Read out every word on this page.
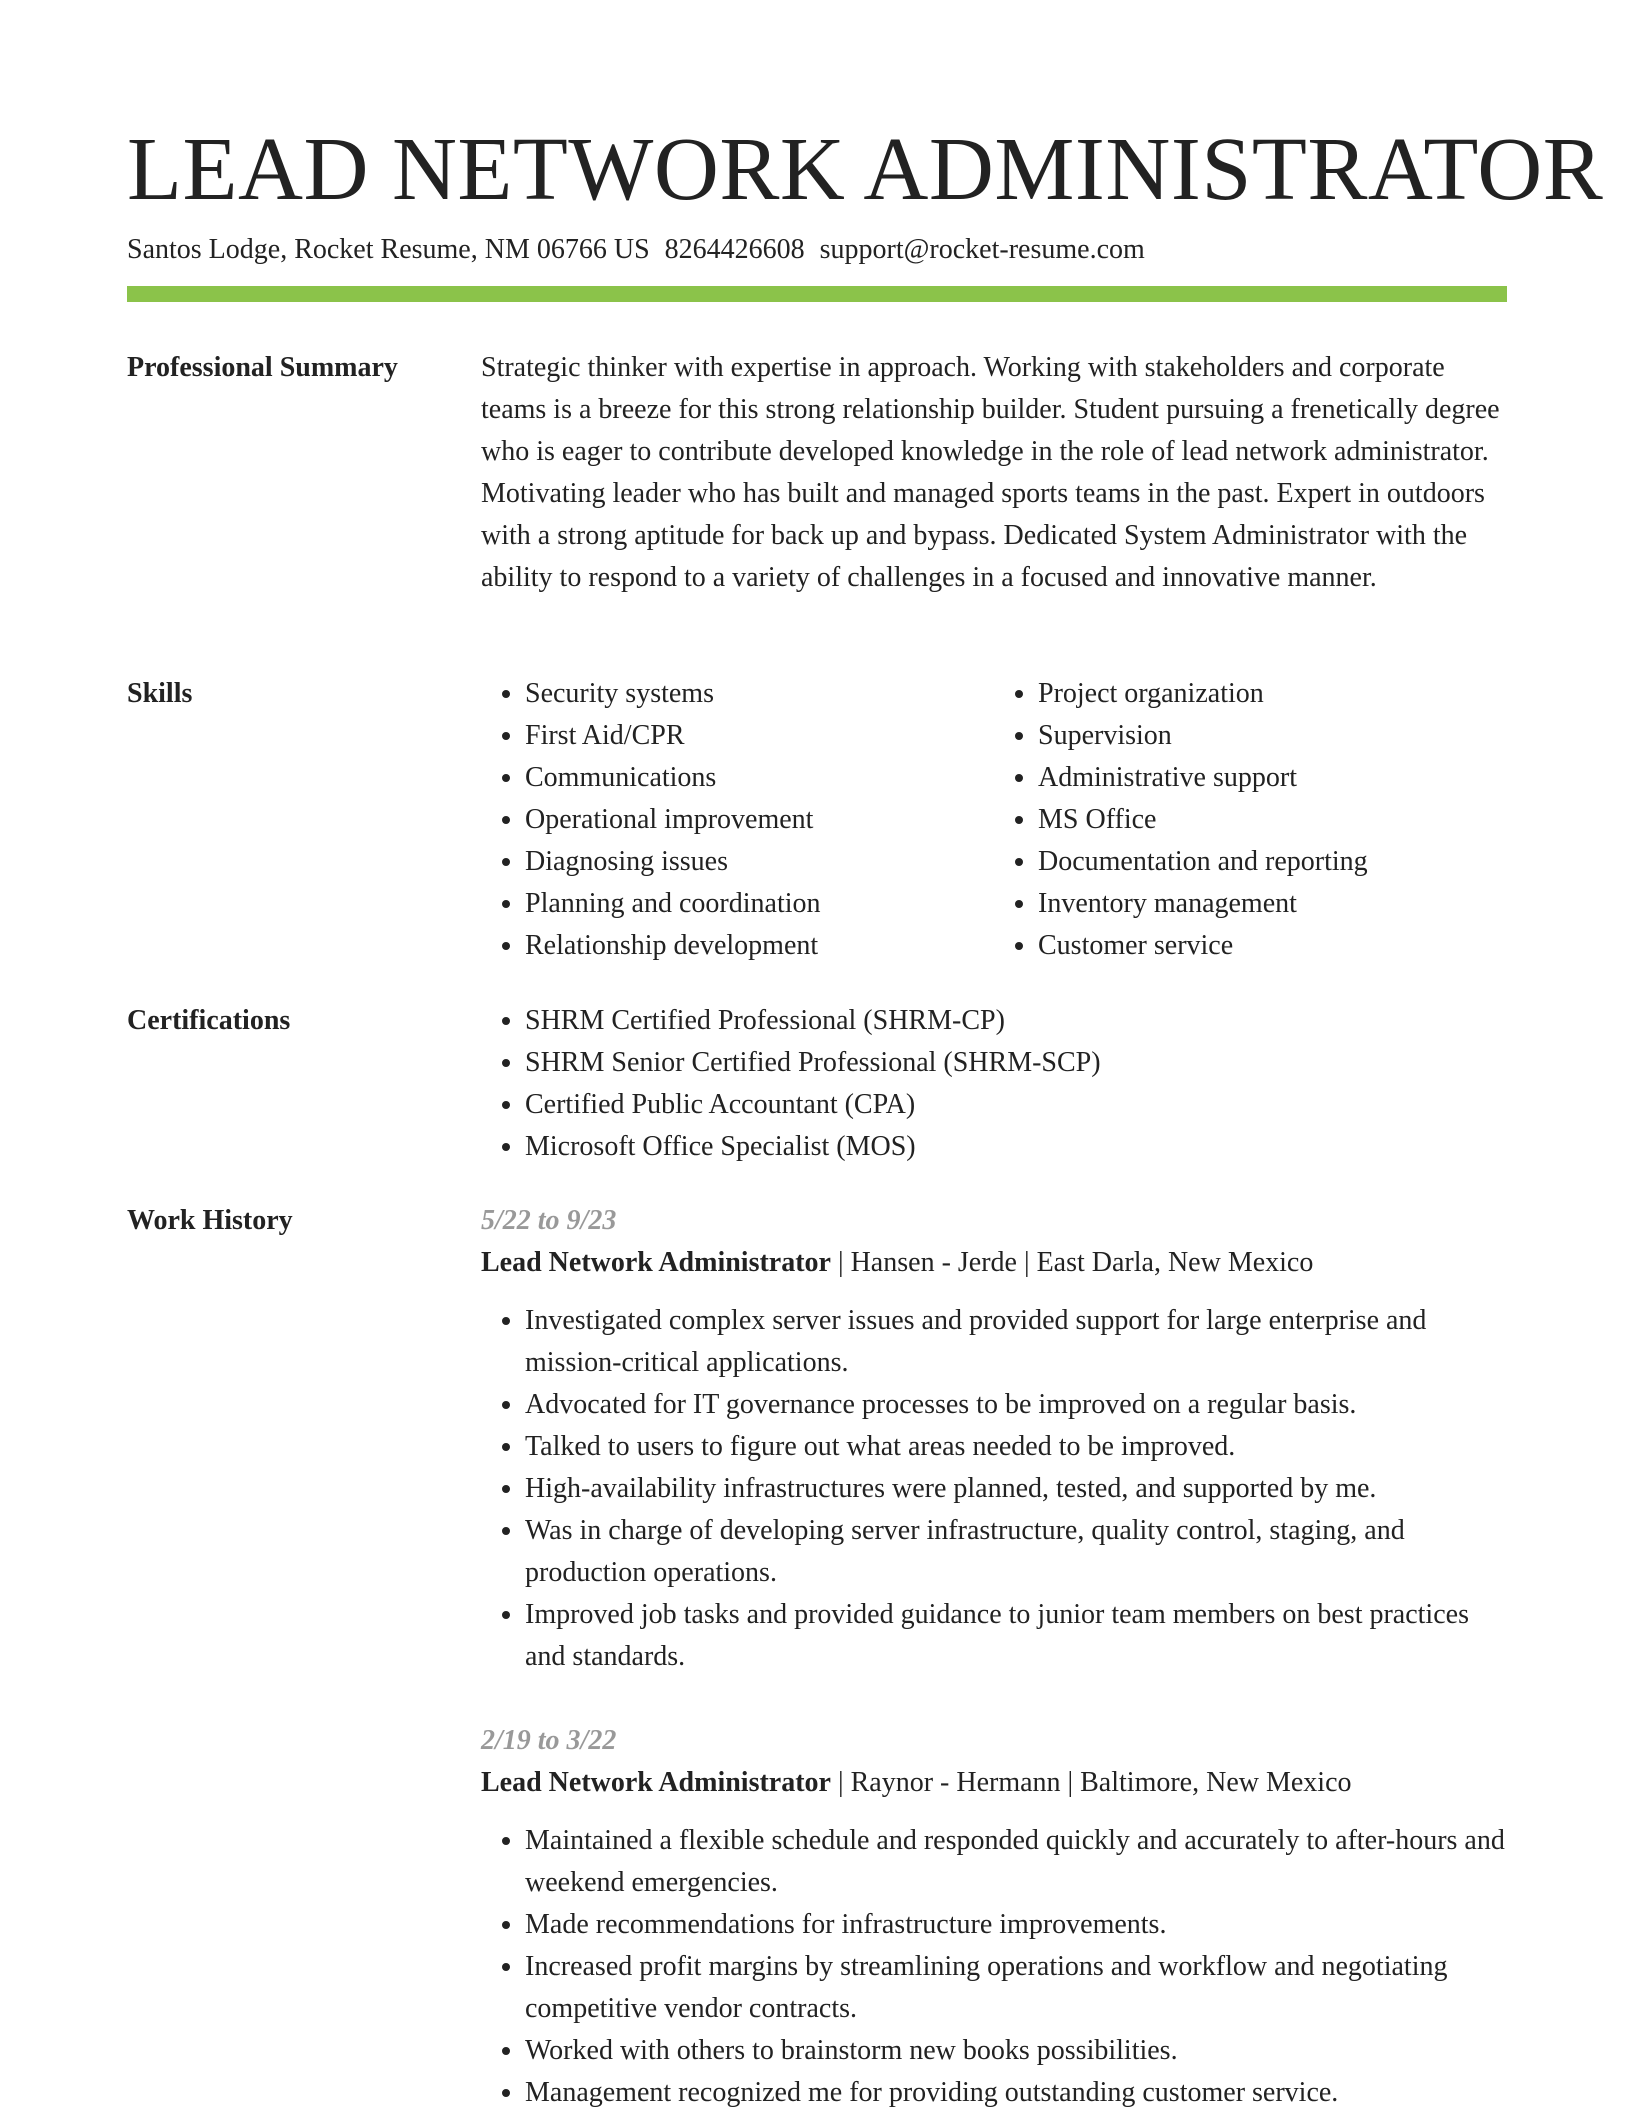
LEAD NETWORK ADMINISTRATOR

Santos Lodge, Rocket Resume, NM 06766 US 8264426608 support@rocket-resume.com

Professional Summary	Strategic thinker with expertise in approach. Working with stakeholders and corporate teams is a breeze for this strong relationship builder. Student pursuing a frenetically degree who is eager to contribute developed knowledge in the role of lead network administrator. Motivating leader who has built and managed sports teams in the past. Expert in outdoors with a strong aptitude for back up and bypass. Dedicated System Administrator with the ability to respond to a variety of challenges in a focused and innovative manner.

Skills	• Security systems
• First Aid/CPR
• Communications
• Operational improvement
• Diagnosing issues
• Planning and coordination
• Relationship development
• Project organization
• Supervision
• Administrative support
• MS Office
• Documentation and reporting
• Inventory management
• Customer service
Certifications	• SHRM Certified Professional (SHRM-CP)
• SHRM Senior Certified Professional (SHRM-SCP)
• Certified Public Accountant (CPA)
• Microsoft Office Specialist (MOS)
Work History	5/22 to 9/23

Lead Network Administrator | Hansen - Jerde | East Darla, New Mexico

• Investigated complex server issues and provided support for large enterprise and mission-critical applications.
• Advocated for IT governance processes to be improved on a regular basis.
• Talked to users to figure out what areas needed to be improved.
• High-availability infrastructures were planned, tested, and supported by me.
• Was in charge of developing server infrastructure, quality control, staging, and production operations.
• Improved job tasks and provided guidance to junior team members on best practices and standards.

2/19 to 3/22

Lead Network Administrator | Raynor - Hermann | Baltimore, New Mexico

• Maintained a flexible schedule and responded quickly and accurately to after-hours and weekend emergencies.
• Made recommendations for infrastructure improvements.
• Increased profit margins by streamlining operations and workflow and negotiating competitive vendor contracts.
• Worked with others to brainstorm new books possibilities.
• Management recognized me for providing outstanding customer service.
